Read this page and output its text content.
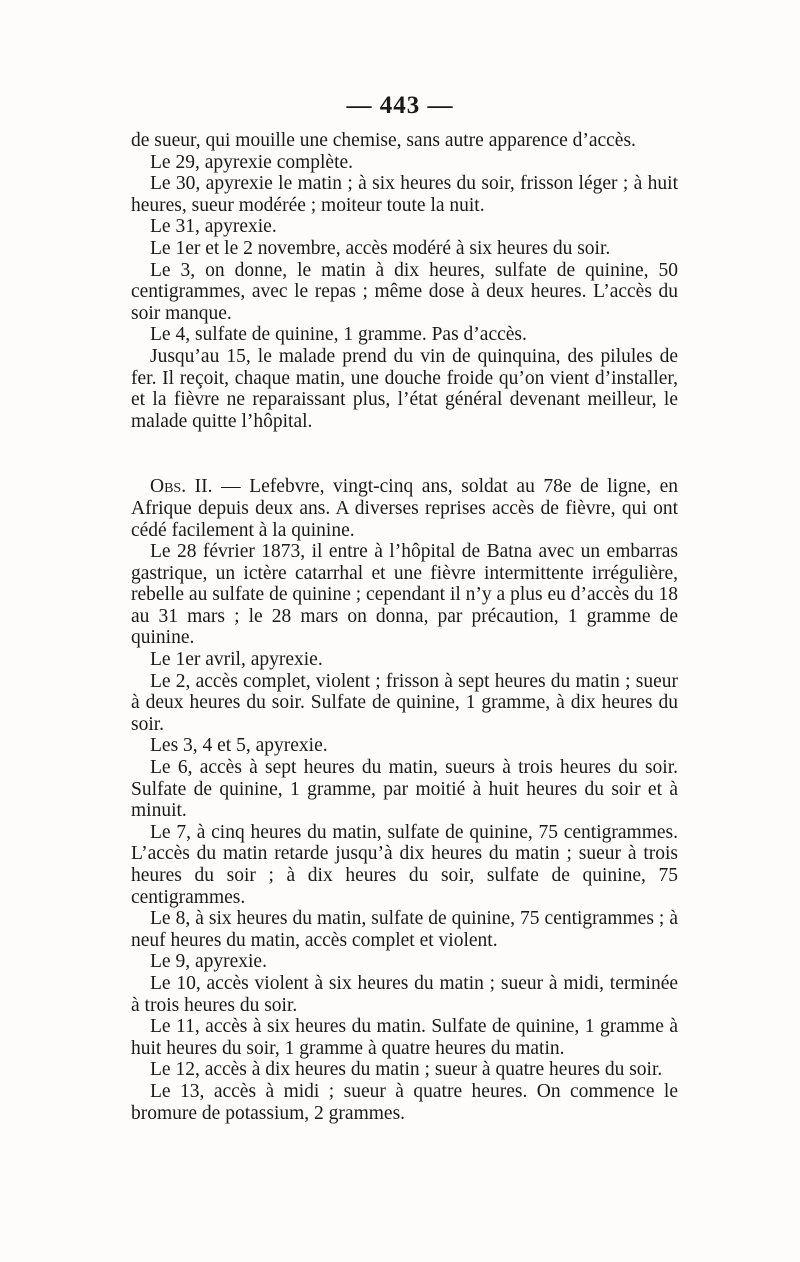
— 443 —

de sueur, qui mouille une chemise, sans autre apparence d’accès.

Le 29, apyrexie complète.

Le 30, apyrexie le matin ; à six heures du soir, frisson léger ; à huit heures, sueur modérée ; moiteur toute la nuit.

Le 31, apyrexie.

Le 1er et le 2 novembre, accès modéré à six heures du soir.

Le 3, on donne, le matin à dix heures, sulfate de quinine, 50 centigrammes, avec le repas ; même dose à deux heures. L’accès du soir manque.

Le 4, sulfate de quinine, 1 gramme. Pas d’accès.

Jusqu’au 15, le malade prend du vin de quinquina, des pilules de fer. Il reçoit, chaque matin, une douche froide qu’on vient d’installer, et la fièvre ne reparaissant plus, l’état général devenant meilleur, le malade quitte l’hôpital.

Obs. II. — Lefebvre, vingt-cinq ans, soldat au 78e de ligne, en Afrique depuis deux ans. A diverses reprises accès de fièvre, qui ont cédé facilement à la quinine.

Le 28 février 1873, il entre à l’hôpital de Batna avec un embarras gastrique, un ictère catarrhal et une fièvre intermittente irrégulière, rebelle au sulfate de quinine ; cependant il n’y a plus eu d’accès du 18 au 31 mars ; le 28 mars on donna, par précaution, 1 gramme de quinine.

Le 1er avril, apyrexie.

Le 2, accès complet, violent ; frisson à sept heures du matin ; sueur à deux heures du soir. Sulfate de quinine, 1 gramme, à dix heures du soir.

Les 3, 4 et 5, apyrexie.

Le 6, accès à sept heures du matin, sueurs à trois heures du soir. Sulfate de quinine, 1 gramme, par moitié à huit heures du soir et à minuit.

Le 7, à cinq heures du matin, sulfate de quinine, 75 centigrammes. L’accès du matin retarde jusqu’à dix heures du matin ; sueur à trois heures du soir ; à dix heures du soir, sulfate de quinine, 75 centigrammes.

Le 8, à six heures du matin, sulfate de quinine, 75 centigrammes ; à neuf heures du matin, accès complet et violent.

Le 9, apyrexie.

Le 10, accès violent à six heures du matin ; sueur à midi, terminée à trois heures du soir.

Le 11, accès à six heures du matin. Sulfate de quinine, 1 gramme à huit heures du soir, 1 gramme à quatre heures du matin.

Le 12, accès à dix heures du matin ; sueur à quatre heures du soir.

Le 13, accès à midi ; sueur à quatre heures. On commence le bromure de potassium, 2 grammes.
